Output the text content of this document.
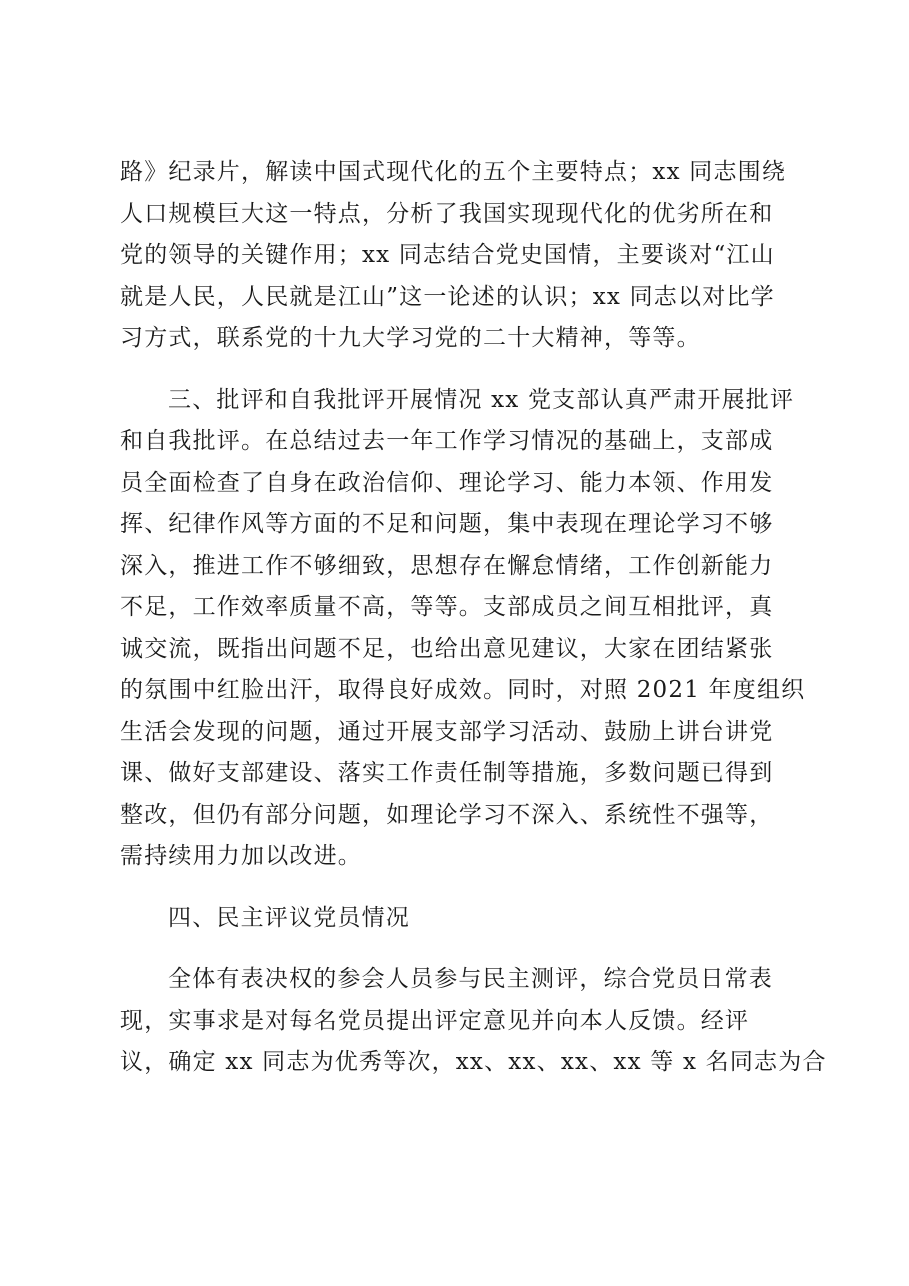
路》纪录片，解读中国式现代化的五个主要特点；xx 同志围绕
人口规模巨大这一特点，分析了我国实现现代化的优劣所在和
党的领导的关键作用；xx 同志结合党史国情，主要谈对“江山
就是人民，人民就是江山”这一论述的认识；xx 同志以对比学
习方式，联系党的十九大学习党的二十大精神，等等。
三、批评和自我批评开展情况 xx 党支部认真严肃开展批评
和自我批评。在总结过去一年工作学习情况的基础上，支部成
员全面检查了自身在政治信仰、理论学习、能力本领、作用发
挥、纪律作风等方面的不足和问题，集中表现在理论学习不够
深入，推进工作不够细致，思想存在懈怠情绪，工作创新能力
不足，工作效率质量不高，等等。支部成员之间互相批评，真
诚交流，既指出问题不足，也给出意见建议，大家在团结紧张
的氛围中红脸出汗，取得良好成效。同时，对照 2021 年度组织
生活会发现的问题，通过开展支部学习活动、鼓励上讲台讲党
课、做好支部建设、落实工作责任制等措施，多数问题已得到
整改，但仍有部分问题，如理论学习不深入、系统性不强等，
需持续用力加以改进。
四、民主评议党员情况
全体有表决权的参会人员参与民主测评，综合党员日常表
现，实事求是对每名党员提出评定意见并向本人反馈。经评
议，确定 xx 同志为优秀等次，xx、xx、xx、xx 等 x 名同志为合
